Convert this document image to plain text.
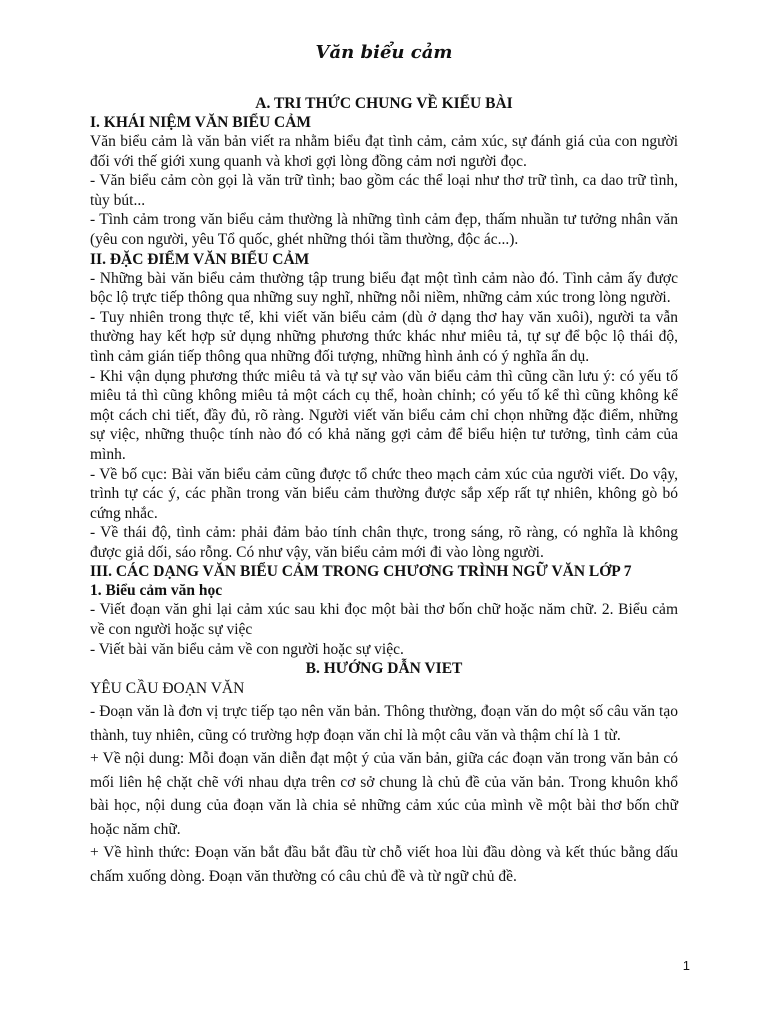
Văn biểu cảm
A. TRI THỨC CHUNG VỀ KIỂU BÀI
I. KHÁI NIỆM VĂN BIỂU CẢM

Văn biểu cảm là văn bản viết ra nhằm biểu đạt tình cảm, cảm xúc, sự đánh giá của con người đối với thế giới xung quanh và khơi gợi lòng đồng cảm nơi người đọc.

- Văn biểu cảm còn gọi là văn trữ tình; bao gồm các thể loại như thơ trữ tình, ca dao trữ tình, tùy bút...

- Tình cảm trong văn biểu cảm thường là những tình cảm đẹp, thấm nhuần tư tưởng nhân văn (yêu con người, yêu Tổ quốc, ghét những thói tầm thường, độc ác...).

II. ĐẶC ĐIỂM VĂN BIỂU CẢM

- Những bài văn biểu cảm thường tập trung biểu đạt một tình cảm nào đó. Tình cảm ấy được bộc lộ trực tiếp thông qua những suy nghĩ, những nỗi niềm, những cảm xúc trong lòng người.

- Tuy nhiên trong thực tế, khi viết văn biểu cảm (dù ở dạng thơ hay văn xuôi), người ta vẫn thường hay kết hợp sử dụng những phương thức khác như miêu tả, tự sự để bộc lộ thái độ, tình cảm gián tiếp thông qua những đối tượng, những hình ảnh có ý nghĩa ẩn dụ.

- Khi vận dụng phương thức miêu tả và tự sự vào văn biểu cảm thì cũng cần lưu ý: có yếu tố miêu tả thì cũng không miêu tả một cách cụ thể, hoàn chỉnh; có yếu tố kể thì cũng không kể một cách chi tiết, đầy đủ, rõ ràng. Người viết văn biểu cảm chỉ chọn những đặc điểm, những sự việc, những thuộc tính nào đó có khả năng gợi cảm để biểu hiện tư tưởng, tình cảm của mình.

- Về bố cục: Bài văn biểu cảm cũng được tổ chức theo mạch cảm xúc của người viết. Do vậy, trình tự các ý, các phần trong văn biểu cảm thường được sắp xếp rất tự nhiên, không gò bó cứng nhắc.

- Về thái độ, tình cảm: phải đảm bảo tính chân thực, trong sáng, rõ ràng, có nghĩa là không được giả dối, sáo rỗng. Có như vậy, văn biểu cảm mới đi vào lòng người.

III. CÁC DẠNG VĂN BIỂU CẢM TRONG CHƯƠNG TRÌNH NGỮ VĂN LỚP 7
1. Biểu cảm văn học

- Viết đoạn văn ghi lại cảm xúc sau khi đọc một bài thơ bốn chữ hoặc năm chữ. 2. Biểu cảm về con người hoặc sự việc

- Viết bài văn biểu cảm về con người hoặc sự việc.

B. HƯỚNG DẪN VIET
YÊU CẦU ĐOẠN VĂN

- Đoạn văn là đơn vị trực tiếp tạo nên văn bản. Thông thường, đoạn văn do một số câu văn tạo thành, tuy nhiên, cũng có trường hợp đoạn văn chỉ là một câu văn và thậm chí là 1 từ.

+ Về nội dung: Mỗi đoạn văn diễn đạt một ý của văn bản, giữa các đoạn văn trong văn bản có mối liên hệ chặt chẽ với nhau dựa trên cơ sở chung là chủ đề của văn bản. Trong khuôn khổ bài học, nội dung của đoạn văn là chia sẻ những cảm xúc của mình về một bài thơ bốn chữ hoặc năm chữ.

+ Về hình thức: Đoạn văn bắt đầu bắt đầu từ chỗ viết hoa lùi đầu dòng và kết thúc bằng dấu chấm xuống dòng. Đoạn văn thường có câu chủ đề và từ ngữ chủ đề.

1
